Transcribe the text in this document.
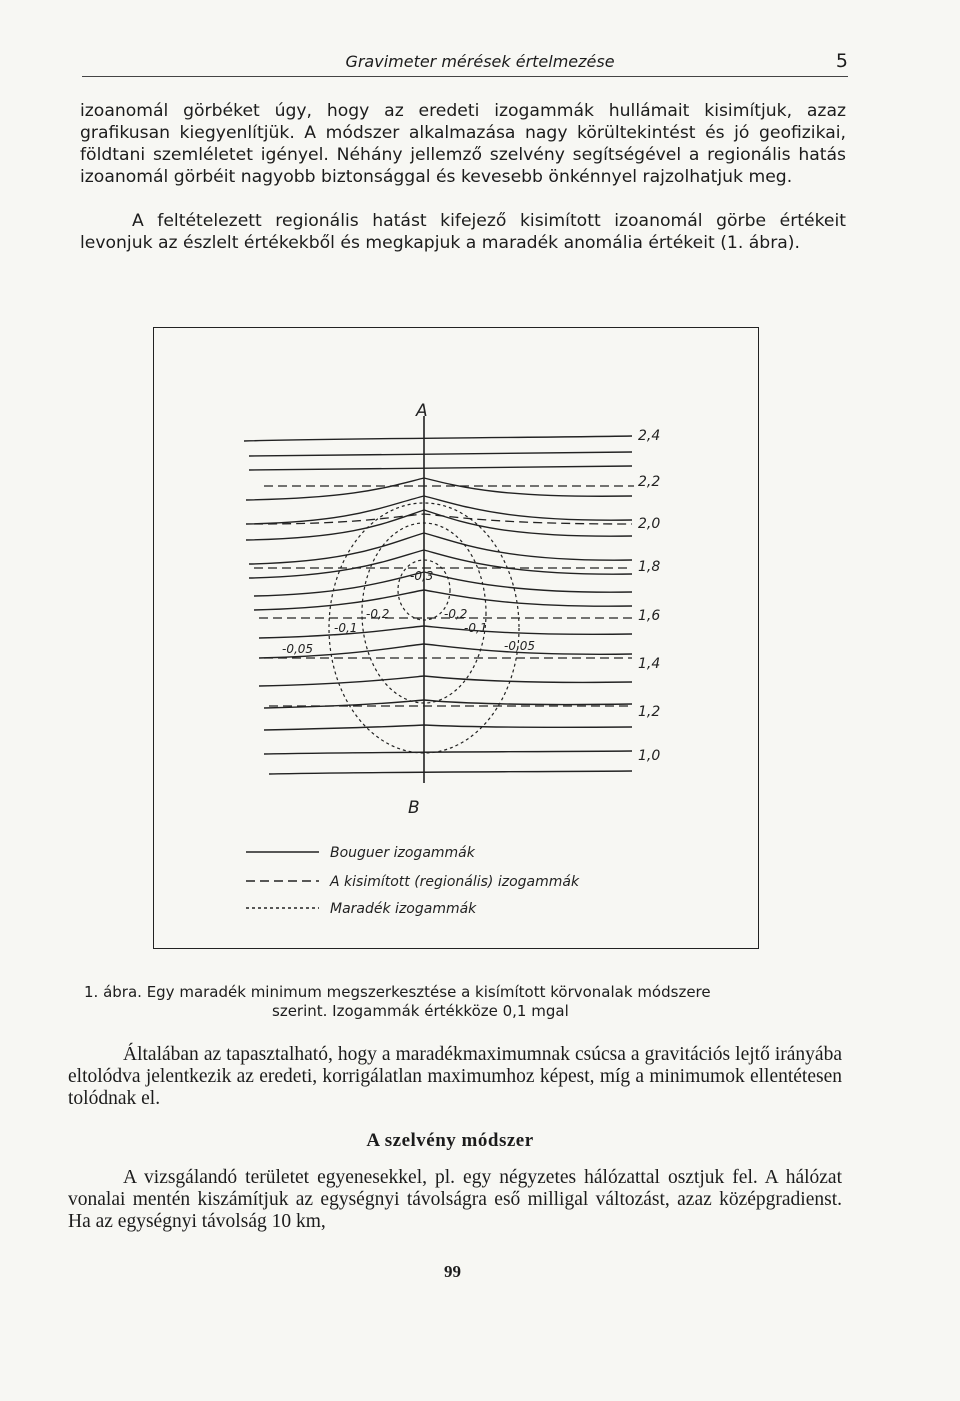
Gravimeter mérések értelmezése	5

izoanomál görbéket úgy, hogy az eredeti izogammák hullámait kisimítjuk, azaz grafikusan kiegyenlítjük. A módszer alkalmazása nagy körültekintést és jó geofizikai, földtani szemléletet igényel. Néhány jellemző szelvény segítségével a regionális hatás izoanomál görbéit nagyobb biztonsággal és kevesebb önkénnyel rajzolhatjuk meg.

A feltételezett regionális hatást kifejező kisimított izoanomál görbe értékeit levonjuk az észlelt értékekből és megkapjuk a maradék anomália értékeit (1. ábra).

A
B
2,4
2,2
2,0
1,8
1,6
1,4
1,2
1,0
-0,2	-0,2
-0,1	-0,1
-0,05	-0,05
-0,3
Bouguer izogammák
A kisimított (regionális) izogammák
Maradék izogammák

1. ábra. Egy maradék minimum megszerkesztése a kisímított körvonalak módszere
szerint. Izogammák értékköze 0,1 mgal

Általában az tapasztalható, hogy a maradékmaximumnak csúcsa a gravitációs lejtő irányába eltolódva jelentkezik az eredeti, korrigálatlan maximumhoz képest, míg a minimumok ellentétesen tolódnak el.

A szelvény módszer

A vizsgálandó területet egyenesekkel, pl. egy négyzetes hálózattal osztjuk fel. A hálózat vonalai mentén kiszámítjuk az egységnyi távolságra eső milligal változást, azaz középgradienst. Ha az egységnyi távolság 10 km,

99
